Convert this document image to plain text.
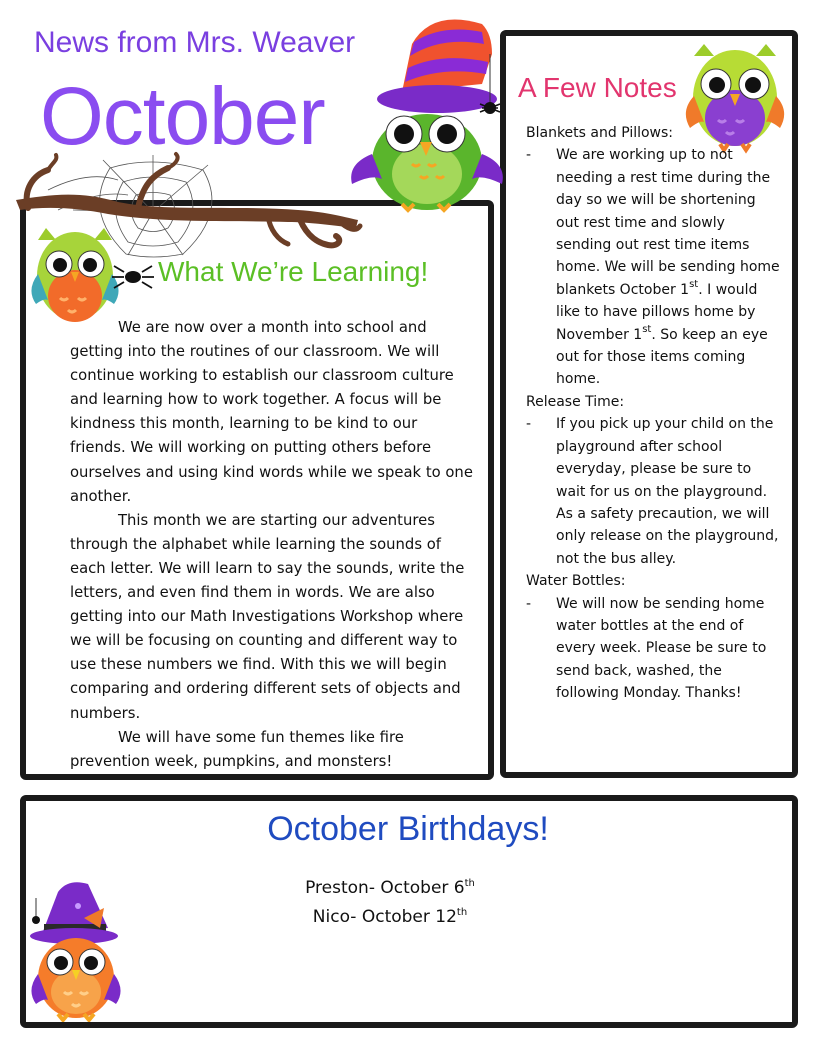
News from Mrs. Weaver
October	A Few Notes
What We’re Learning!
October Birthdays!
Blankets and Pillows:
- We are working up to not needing a rest time during the day so we will be shortening out rest time and slowly sending out rest time items home. We will be sending home blankets October 1st. I would like to have pillows home by November 1st. So keep an eye out for those items coming home.
Release Time:
- If you pick up your child on the playground after school everyday, please be sure to wait for us on the playground. As a safety precaution, we will only release on the playground, not the bus alley.
Water Bottles:
- We will now be sending home water bottles at the end of every week. Please be sure to send back, washed, the following Monday. Thanks!

We are now over a month into school and getting into the routines of our classroom. We will continue working to establish our classroom culture and learning how to work together. A focus will be kindness this month, learning to be kind to our friends. We will working on putting others before ourselves and using kind words while we speak to one another.

This month we are starting our adventures through the alphabet while learning the sounds of each letter. We will learn to say the sounds, write the letters, and even find them in words. We are also getting into our Math Investigations Workshop where we will be focusing on counting and different way to use these numbers we find. With this we will begin comparing and ordering different sets of objects and numbers.

We will have some fun themes like fire prevention week, pumpkins, and monsters!

Preston- October 6th
Nico- October 12th
